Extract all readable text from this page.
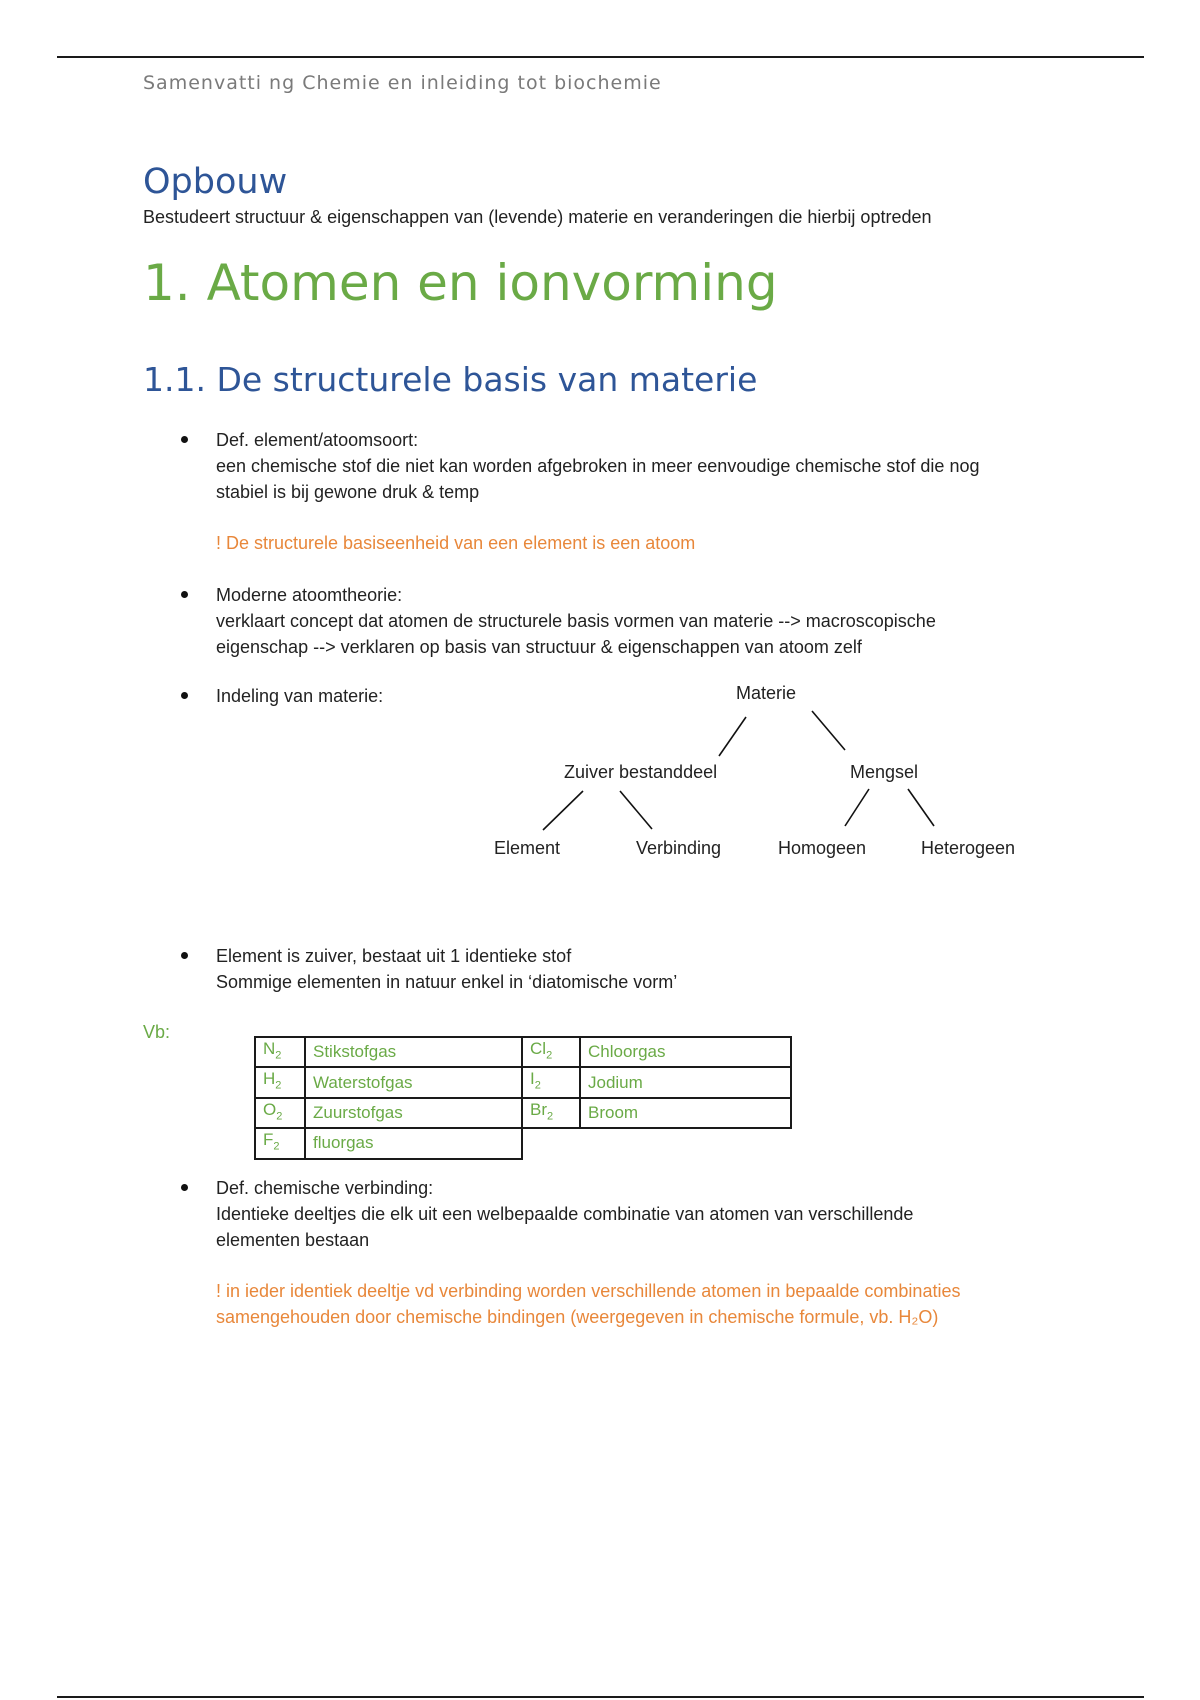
Samenvatti ng Chemie en inleiding tot biochemie
Opbouw
Bestudeert structuur & eigenschappen van (levende) materie en veranderingen die hierbij optreden
1. Atomen en ionvorming
1.1. De structurele basis van materie
Def. element/atoomsoort:
een chemische stof die niet kan worden afgebroken in meer eenvoudige chemische stof die nog
stabiel is bij gewone druk & temp
! De structurele basiseenheid van een element is een atoom
Moderne atoomtheorie:
verklaart concept dat atomen de structurele basis vormen van materie --> macroscopische
eigenschap --> verklaren op basis van structuur & eigenschappen van atoom zelf
Indeling van materie:	Materie
Zuiver bestanddeel	Mengsel
Element	Verbinding	Homogeen	Heterogeen
Element is zuiver, bestaat uit 1 identieke stof
Sommige elementen in natuur enkel in ‘diatomische vorm’
Vb:
$N_2$	Stikstofgas	$Cl_2$	Chloorgas
$H_2$	Waterstofgas	$I_2$	Jodium
$O_2$	Zuurstofgas	$Br_2$	Broom
$F_2$	fluorgas		
Def. chemische verbinding:
Identieke deeltjes die elk uit een welbepaalde combinatie van atomen van verschillende
elementen bestaan
! in ieder identiek deeltje vd verbinding worden verschillende atomen in bepaalde combinaties
samengehouden door chemische bindingen (weergegeven in chemische formule, vb. H₂O)
